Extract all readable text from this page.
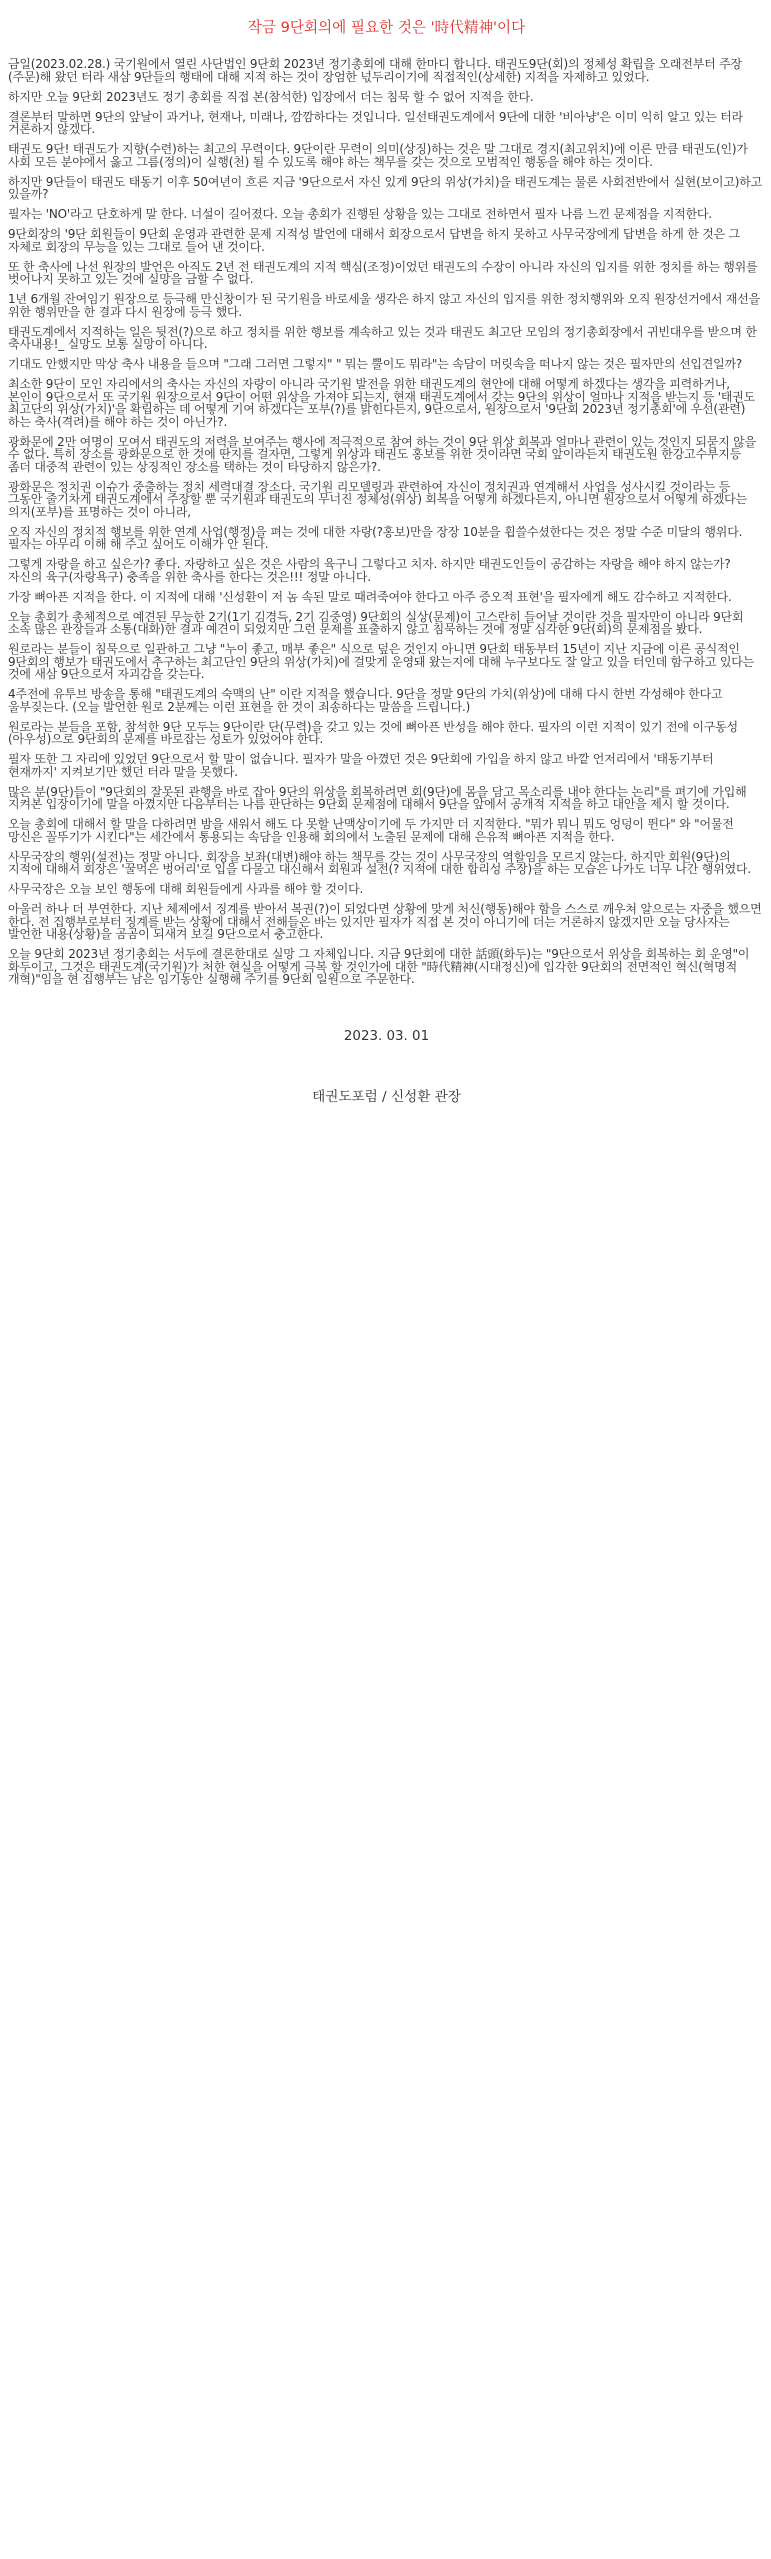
작금 9단회의에 필요한 것은 '時代精神'이다

금일(2023.02.28.) 국기원에서 열린 사단법인 9단회 2023년 정기총회에 대해 한마디 합니다. 태권도9단(회)의 정체성 확립을 오래전부터 주장(주문)해 왔던 터라 새삼 9단들의 행태에 대해 지적 하는 것이 장엄한 넋두리이기에 직접적인(상세한) 지적을 자제하고 있었다.

하지만 오늘 9단회 2023년도 정기 총회를 직접 본(참석한) 입장에서 더는 침묵 할 수 없어 지적을 한다.

결론부터 말하면 9단의 앞날이 과거나, 현재나, 미래나, 깜깜하다는 것입니다. 일선태권도계에서 9단에 대한 '비아냥'은 이미 익히 알고 있는 터라 거론하지 않겠다.

태권도 9단! 태권도가 지향(수련)하는 최고의 무력이다. 9단이란 무력이 의미(상징)하는 것은 말 그대로 경지(최고위치)에 이른 만큼 태권도(인)가 사회 모든 분야에서 옳고 그름(정의)이 실행(천) 될 수 있도록 해야 하는 책무를 갖는 것으로 모범적인 행동을 해야 하는 것이다.

하지만 9단들이 태권도 태동기 이후 50여년이 흐른 지금 '9단으로서 자신 있게 9단의 위상(가치)을 태권도계는 물론 사회전반에서 실현(보이고)하고 있을까?

필자는 'NO'라고 단호하게 말 한다. 너설이 길어졌다. 오늘 총회가 진행된 상황을 있는 그대로 전하면서 필자 나름 느낀 문제점을 지적한다.

9단회장의 '9단 회원들이 9단회 운영과 관련한 문제 지적성 발언에 대해서 회장으로서 답변을 하지 못하고 사무국장에게 답변을 하게 한 것은 그 자체로 회장의 무능을 있는 그대로 들어 낸 것이다.

또 한 축사에 나선 원장의 발언은 아직도 2년 전 태권도계의 지적 핵심(조정)이었던 태권도의 수장이 아니라 자신의 입지를 위한 정치를 하는 행위를 벗어나지 못하고 있는 것에 실망을 금할 수 없다.

1년 6개월 잔여임기 원장으로 등극해 만신창이가 된 국기원을 바로세울 생각은 하지 않고 자신의 입지를 위한 정치행위와 오직 원장선거에서 재선을 위한 행위만을 한 결과 다시 원장에 등극 했다.

태권도계에서 지적하는 일은 뒷전(?)으로 하고 정치를 위한 행보를 계속하고 있는 것과 태권도 최고단 모임의 정기총회장에서 귀빈대우를 받으며 한 축사내용!_ 실망도 보통 실망이 아니다.

기대도 안했지만 막상 축사 내용을 들으며 "그래 그러면 그렇지" " 뭐는 뿔이도 뭐라"는 속담이 머릿속을 떠나지 않는 것은 필자만의 선입견일까?

최소한 9단이 모인 자리에서의 축사는 자신의 자랑이 아니라 국기원 발전을 위한 태권도계의 현안에 대해 어떻게 하겠다는 생각을 피력하거나, 본인이 9단으로서 또 국기원 원장으로서 9단이 어떤 위상을 가져야 되는지, 현재 태권도계에서 갖는 9단의 위상이 얼마나 지적을 받는지 등 '태권도 최고단의 위상(가치)'을 확립하는 데 어떻게 기여 하겠다는 포부(?)를 밝힌다든지, 9단으로서, 원장으로서 '9단회 2023년 정기총회'에 우선(관련)하는 축사(격려)를 해야 하는 것이 아닌가?.

광화문에 2만 여명이 모여서 태권도의 저력을 보여주는 행사에 적극적으로 참여 하는 것이 9단 위상 회복과 얼마나 관련이 있는 것인지 되묻지 않을 수 없다. 특히 장소를 광화문으로 한 것에 딴지를 걸자면, 그렇게 위상과 태권도 홍보를 위한 것이라면 국회 앞이라든지 태권도원 한강고수부지등 좀더 대중적 관련이 있는 상징적인 장소를 택하는 것이 타당하지 않은가?.

광화문은 정치권 이슈가 중출하는 정치 세력대결 장소다. 국기원 리모델링과 관련하여 자신이 정치권과 연계해서 사업을 성사시킬 것이라는 등 그동안 줄기차게 태권도계에서 주장할 뿐 국기원과 태권도의 무너진 정체성(위상) 회복을 어떻게 하겠다든지, 아니면 원장으로서 어떻게 하겠다는 의지(포부)를 표명하는 것이 아니라,

오직 자신의 정치적 행보를 위한 연계 사업(행정)을 펴는 것에 대한 자랑(?홍보)만을 장장 10분을 휩쓸수셨한다는 것은 정말 수준 미달의 행위다. 필자는 아무리 이해 해 주고 싶어도 이해가 안 된다.

그렇게 자랑을 하고 싶은가? 좋다. 자랑하고 싶은 것은 사람의 육구니 그렇다고 치자. 하지만 태권도인들이 공감하는 자랑을 해야 하지 않는가? 자신의 육구(자랑욕구) 충족을 위한 축사를 한다는 것은!!! 정말 아니다.

가장 뼈아픈 지적을 한다. 이 지적에 대해 '신성환이 저 놈 속된 말로 때려죽여야 한다고 아주 증오적 표현'을 필자에게 해도 감수하고 지적한다.

오늘 총회가 총체적으로 예견된 무능한 2기(1기 김경득, 2기 김중영) 9단회의 실상(문제)이 고스란히 들어날 것이란 것을 필자만이 아니라 9단회 소속 많은 관장들과 소통(대화)한 결과 예견이 되었지만 그런 문제를 표출하지 않고 침묵하는 것에 정말 심각한 9단(회)의 문제점을 봤다.

원로라는 분들이 침묵으로 일관하고 그냥 "누이 좋고, 매부 좋은" 식으로 덮은 것인지 아니면 9단회 태동부터 15년이 지난 지금에 이른 공식적인 9단회의 행보가 태권도에서 추구하는 최고단인 9단의 위상(가치)에 걸맞게 운영돼 왔는지에 대해 누구보다도 잘 알고 있을 터인데 함구하고 있다는 것에 새삼 9단으로서 자괴감을 갖는다.

4주전에 유투브 방송을 통해 "태권도계의 숙맥의 난" 이란 지적을 했습니다. 9단을 정말 9단의 가치(위상)에 대해 다시 한번 각성해야 한다고 울부짖는다. (오늘 발언한 원로 2분께는 이런 표현을 한 것이 죄송하다는 말씀을 드립니다.)

원로라는 분들을 포함, 참석한 9단 모두는 9단이란 단(무력)을 갖고 있는 것에 뼈아픈 반성을 해야 한다. 필자의 이런 지적이 있기 전에 이구동성(아우성)으로 9단회의 문제를 바로잡는 성토가 있었어야 한다.

필자 또한 그 자리에 있었던 9단으로서 할 말이 없습니다. 필자가 말을 아꼈던 것은 9단회에 가입을 하지 않고 바깥 언저리에서 '태동기부터 현재까지' 지켜보기만 했던 터라 말을 못했다.

많은 분(9단)들이 "9단회의 잘못된 관행을 바로 잡아 9단의 위상을 회복하려면 회(9단)에 몸을 담고 목소리를 내야 한다는 논리"를 펴기에 가입해 지켜본 입장이기에 말을 아꼈지만 다음부터는 나름 판단하는 9단회 문제점에 대해서 9단을 앞에서 공개적 지적을 하고 대안을 제시 할 것이다.

오늘 총회에 대해서 할 말을 다하려면 밤을 새워서 해도 다 못할 난맥상이기에 두 가지만 더 지적한다. "뭐가 뭐니 뭐도 엉덩이 뛴다" 와 "어물전 망신은 꼴뚜기가 시킨다"는 세간에서 통용되는 속담을 인용해 회의에서 노출된 문제에 대해 은유적 뼈아픈 지적을 한다.

사무국장의 행위(설전)는 정말 아니다. 회장을 보좌(대변)해야 하는 책무를 갖는 것이 사무국장의 역할임을 모르지 않는다. 하지만 회원(9단)의 지적에 대해서 회장은 '꿀먹은 벙어리'로 입을 다물고 대신해서 회원과 설전(? 지적에 대한 합리성 주장)을 하는 모습은 나가도 너무 나간 행위였다.

사무국장은 오늘 보인 행동에 대해 회원들에게 사과를 해야 할 것이다.

아울러 하나 더 부연한다. 지난 체제에서 징계를 받아서 복권(?)이 되었다면 상황에 맞게 처신(행동)해야 함을 스스로 깨우쳐 알으로는 자중을 했으면 한다. 전 집행부로부터 징계를 받는 상황에 대해서 전해들은 바는 있지만 필자가 직접 본 것이 아니기에 더는 거론하지 않겠지만 오늘 당사자는 발언한 내용(상황)을 곰곰이 되새겨 보길 9단으로서 충고한다.

오늘 9단회 2023년 정기총회는 서두에 결론한대로 실망 그 자체입니다. 지금 9단회에 대한 話頭(화두)는 "9단으로서 위상을 회복하는 회 운영"이 화두이고, 그것은 태권도계(국기원)가 처한 현실을 어떻게 극복 할 것인가에 대한 "時代精神(시대정신)에 입각한 9단회의 전면적인 혁신(혁명적 개혁)"임을 현 집행부는 남은 임기동안 실행해 주기를 9단회 일원으로 주문한다.

2023. 03. 01
태권도포럼 / 신성환 관장
